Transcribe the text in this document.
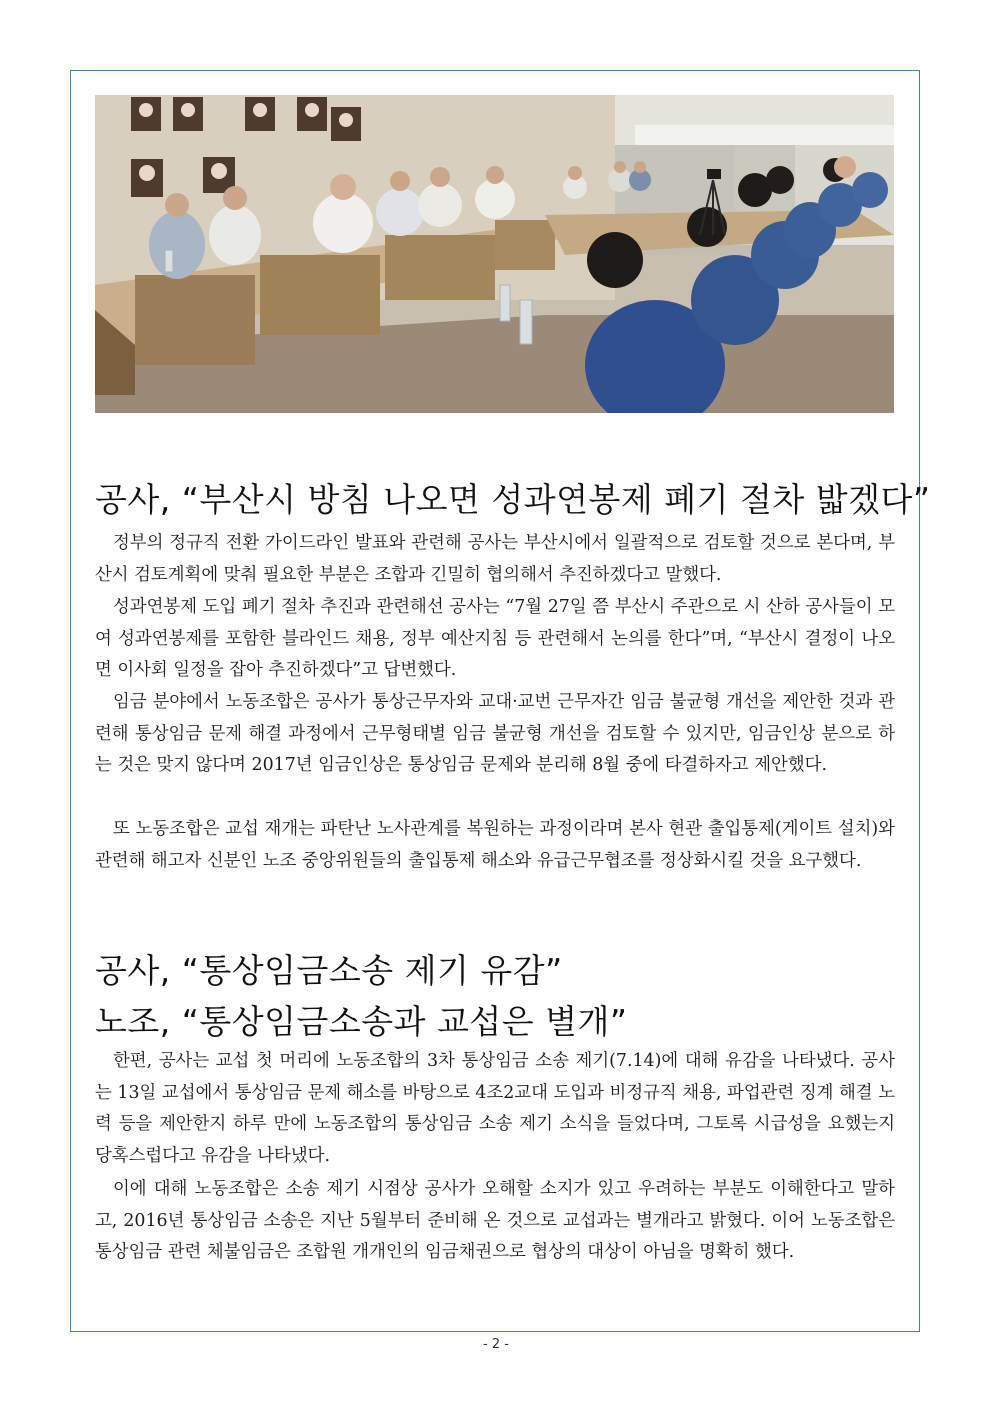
공사, “부산시 방침 나오면 성과연봉제 폐기 절차 밟겠다”

정부의 정규직 전환 가이드라인 발표와 관련해 공사는 부산시에서 일괄적으로 검토할 것으로 본다며, 부산시 검토계획에 맞춰 필요한 부분은 조합과 긴밀히 협의해서 추진하겠다고 말했다.

성과연봉제 도입 폐기 절차 추진과 관련해선 공사는 “7월 27일 쯤 부산시 주관으로 시 산하 공사들이 모여 성과연봉제를 포함한 블라인드 채용, 정부 예산지침 등 관련해서 논의를 한다”며, “부산시 결정이 나오면 이사회 일정을 잡아 추진하겠다”고 답변했다.

임금 분야에서 노동조합은 공사가 통상근무자와 교대·교번 근무자간 임금 불균형 개선을 제안한 것과 관련해 통상임금 문제 해결 과정에서 근무형태별 임금 불균형 개선을 검토할 수 있지만, 임금인상 분으로 하는 것은 맞지 않다며 2017년 임금인상은 통상임금 문제와 분리해 8월 중에 타결하자고 제안했다.

또 노동조합은 교섭 재개는 파탄난 노사관계를 복원하는 과정이라며 본사 현관 출입통제(게이트 설치)와 관련해 해고자 신분인 노조 중앙위원들의 출입통제 해소와 유급근무협조를 정상화시킬 것을 요구했다.

공사, “통상임금소송 제기 유감”
노조, “통상임금소송과 교섭은 별개”

한편, 공사는 교섭 첫 머리에 노동조합의 3차 통상임금 소송 제기(7.14)에 대해 유감을 나타냈다. 공사는 13일 교섭에서 통상임금 문제 해소를 바탕으로 4조2교대 도입과 비정규직 채용, 파업관련 징계 해결 노력 등을 제안한지 하루 만에 노동조합의 통상임금 소송 제기 소식을 들었다며, 그토록 시급성을 요했는지 당혹스럽다고 유감을 나타냈다.

이에 대해 노동조합은 소송 제기 시점상 공사가 오해할 소지가 있고 우려하는 부분도 이해한다고 말하고, 2016년 통상임금 소송은 지난 5월부터 준비해 온 것으로 교섭과는 별개라고 밝혔다. 이어 노동조합은 통상임금 관련 체불임금은 조합원 개개인의 임금채권으로 협상의 대상이 아님을 명확히 했다.

- 2 -
